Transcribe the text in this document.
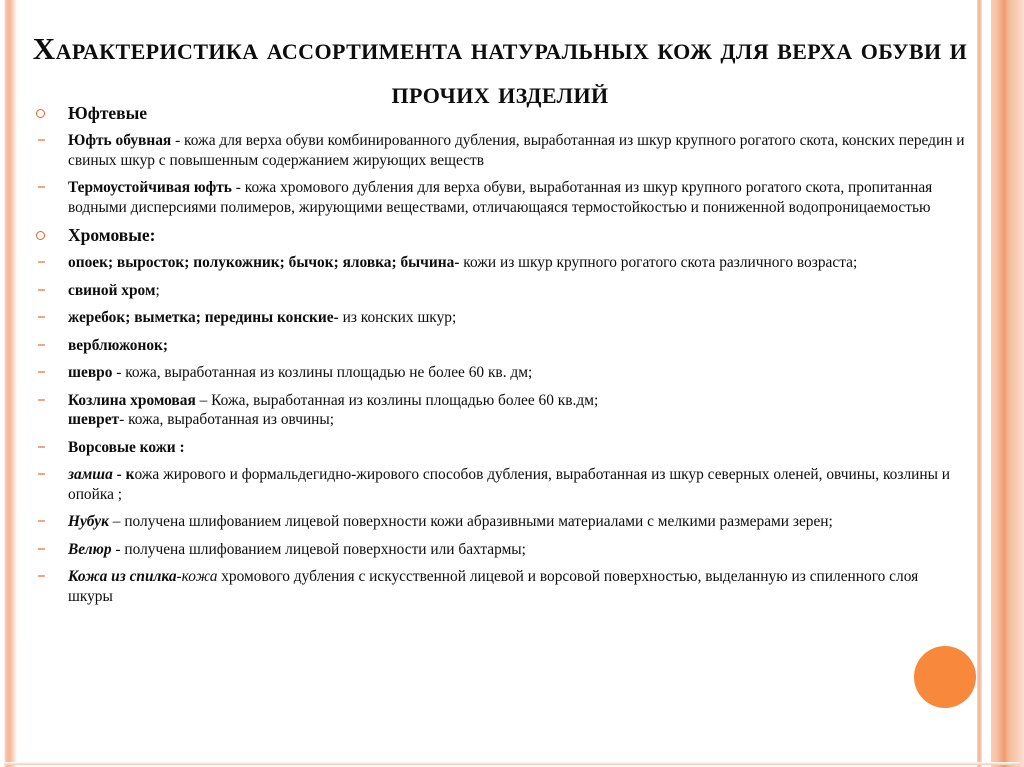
Характеристика ассортимента натуральных кож для верха обуви и прочих изделий
Юфтевые
Юфть обувная - кожа для верха обуви комбинированного дубления, выработанная из шкур крупного рогатого скота, конских передин и свиных шкур с повышенным содержанием жирующих веществ
Термоустойчивая юфть - кожа хромового дубления для верха обуви, выработанная из шкур крупного рогатого скота, пропитанная водными дисперсиями полимеров, жирующими веществами, отличающаяся термостойкостью и пониженной водопроницаемостью
Хромовые:
опоек; выросток; полукожник; бычок; яловка; бычина- кожи из шкур крупного рогатого скота различного возраста;
свиной хром;
жеребок; выметка; передины конские- из конских шкур;
верблюжонок;
шевро - кожа, выработанная из козлины площадью не более 60 кв. дм;
Козлина хромовая – Кожа, выработанная из козлины площадью более 60 кв.дм;
шеврет- кожа, выработанная из овчины;
Ворсовые кожи :
замша - кожа жирового и формальдегидно-жирового способов дубления, выработанная из шкур северных оленей, овчины, козлины и опойка ;
Нубук – получена шлифованием лицевой поверхности кожи абразивными материалами с мелкими размерами зерен;
Велюр - получена шлифованием лицевой поверхности или бахтармы;
Кожа из спилка-кожа хромового дубления с искусственной лицевой и ворсовой поверхностью, выделанную из спиленного слоя шкуры
